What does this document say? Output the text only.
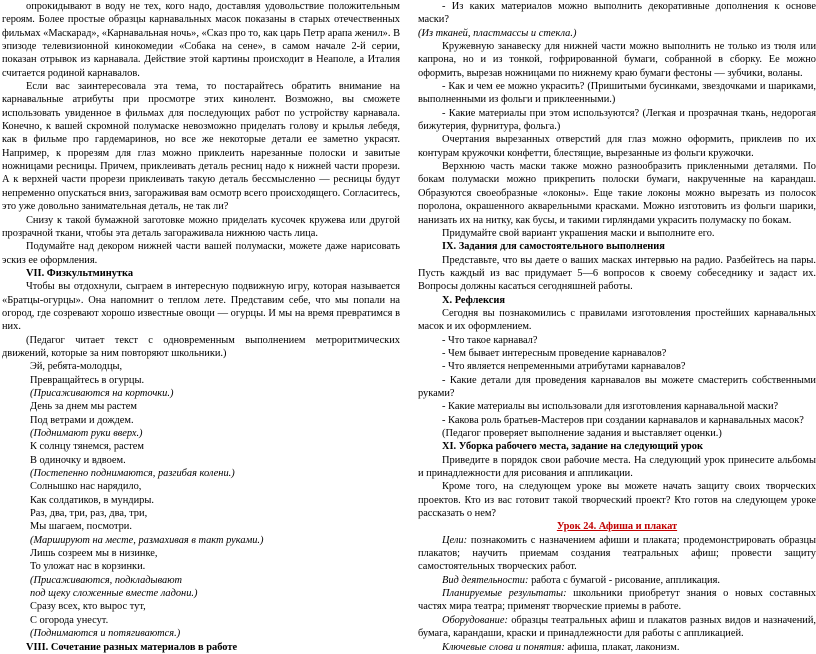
опрокидывают в воду не тех, кого надо, доставляя удовольствие положительным героям. Более простые образцы карнавальных масок показаны в старых отечественных фильмах «Маскарад», «Карнавальная ночь», «Сказ про то, как царь Петр арапа женил». В эпизоде телевизионной кинокомедии «Собака на сене», в самом начале 2-й серии, показан отрывок из карнавала. Действие этой картины происходит в Неаполе, а Италия считается родиной карнавалов.

Если вас заинтересовала эта тема, то постарайтесь обратить внимание на карнавальные атрибуты при просмотре этих кинолент. Возможно, вы сможете использовать увиденное в фильмах для последующих работ по устройству карнавала. Конечно, к вашей скромной полумаске невозможно приделать голову и крылья лебедя, как в фильме про гардемаринов, но все же некоторые детали ее заметно украсят. Например, к прорезям для глаз можно приклеить нарезанные полоски и завитые ножницами ресницы. Причем, приклеивать деталь ресниц надо к нижней части прорези. А к верхней части прорези приклеивать такую деталь бессмысленно — ресницы будут непременно опускаться вниз, загораживая вам осмотр всего происходящего. Согласитесь, это уже довольно занимательная деталь, не так ли?

Снизу к такой бумажной заготовке можно приделать кусочек кружева или другой прозрачной ткани, чтобы эта деталь загораживала нижнюю часть лица.

Подумайте над декором нижней части вашей полумаски, можете даже нарисовать эскиз ее оформления.

VII. Физкультминутка

Чтобы вы отдохнули, сыграем в интересную подвижную игру, которая называется «Братцы-огурцы». Она напомнит о теплом лете. Представим себе, что мы попали на огород, где созревают хорошо известные овощи — огурцы. И мы на время превратимся в них.

(Педагог читает текст с одновременным выполнением метроритмических движений, которые за ним повторяют школьники.)

Эй, ребята-молодцы,

Превращайтесь в огурцы.

(Присаживаются на корточки.)

День за днем мы растем

Под ветрами и дождем.

(Поднимают руки вверх.)

К солнцу тянемся, растем

В одиночку и вдвоем.

(Постепенно поднимаются, разгибая колени.)

Солнышко нас нарядило,

Как солдатиков, в мундиры.

Раз, два, три, раз, два, три,

Мы шагаем, посмотри.

(Маршируют на месте, размахивая в такт руками.)

Лишь созреем мы в низинке,

То уложат нас в корзинки.

(Присаживаются, подкладывают

под щеку сложенные вместе ладони.)

Сразу всех, кто вырос тут,

С огорода унесут.

(Поднимаются и потягиваются.)

VIII. Сочетание разных материалов в работе

- Из каких материалов можно выполнить декоративные дополнения к основе маски?

(Из тканей, пластмассы и стекла.)

Кружевную занавеску для нижней части можно выполнить не только из тюля или капрона, но и из тонкой, гофрированной бумаги, собранной в сборку. Ее можно оформить, вырезав ножницами по нижнему краю бумаги фестоны — зубчики, воланы.

- Как и чем ее можно украсить? (Пришитыми бусинками, звездочками и шариками, выполненными из фольги и приклеенными.)

- Какие материалы при этом используются? (Легкая и прозрачная ткань, недорогая бижутерия, фурнитура, фольга.)

Очертания вырезанных отверстий для глаз можно оформить, приклеив по их контурам кружочки конфетти, блестящие, вырезанные из фольги кружочки.

Верхнюю часть маски также можно разнообразить прикленными деталями. По бокам полумаски можно прикрепить полоски бумаги, накрученные на карандаш. Образуются своеобразные «локоны». Еще такие локоны можно вырезать из полосок поролона, окрашенного акварельными красками. Можно изготовить из фольги шарики, нанизать их на нитку, как бусы, и такими гирляндами украсить полумаску по бокам.

Придумайте свой вариант украшения маски и выполните его.

IX. Задания для самостоятельного выполнения

Представьте, что вы даете о ваших масках интервью на радио. Разбейтесь на пары. Пусть каждый из вас придумает 5—6 вопросов к своему собеседнику и задаст их. Вопросы должны касаться сегодняшней работы.

X. Рефлексия

Сегодня вы познакомились с правилами изготовления простейших карнавальных масок и их оформлением.

- Что такое карнавал?

- Чем бывает интересным проведение карнавалов?

- Что является непременными атрибутами карнавалов?

- Какие детали для проведения карнавалов вы можете смастерить собственными руками?

- Какие материалы вы использовали для изготовления карнавальной маски?

- Какова роль братьев-Мастеров при создании карнавалов и карнавальных масок?

(Педагог проверяет выполнение задания и выставляет оценки.)

XI. Уборка рабочего места, задание на следующий урок

Приведите в порядок свои рабочие места. На следующий урок принесите альбомы и принадлежности для рисования и аппликации.

Кроме того, на следующем уроке вы можете начать защиту своих творческих проектов. Кто из вас готовит такой творческий проект? Кто готов на следующем уроке рассказать о нем?

Урок 24. Афиша и плакат

Цели: познакомить с назначением афиши и плаката; продемонстрировать образцы плакатов; научить приемам создания театральных афиш; провести защиту самостоятельных творческих работ.

Вид деятельности: работа с бумагой - рисование, аппликация.

Планируемые результаты: школьники приобретут знания о новых составных частях мира театра; применят творческие приемы в работе.

Оборудование: образцы театральных афиш и плакатов разных видов и назначений, бумага, карандаши, краски и принадлежности для работы с аппликацией.

Ключевые слова и понятия: афиша, плакат, лаконизм.
